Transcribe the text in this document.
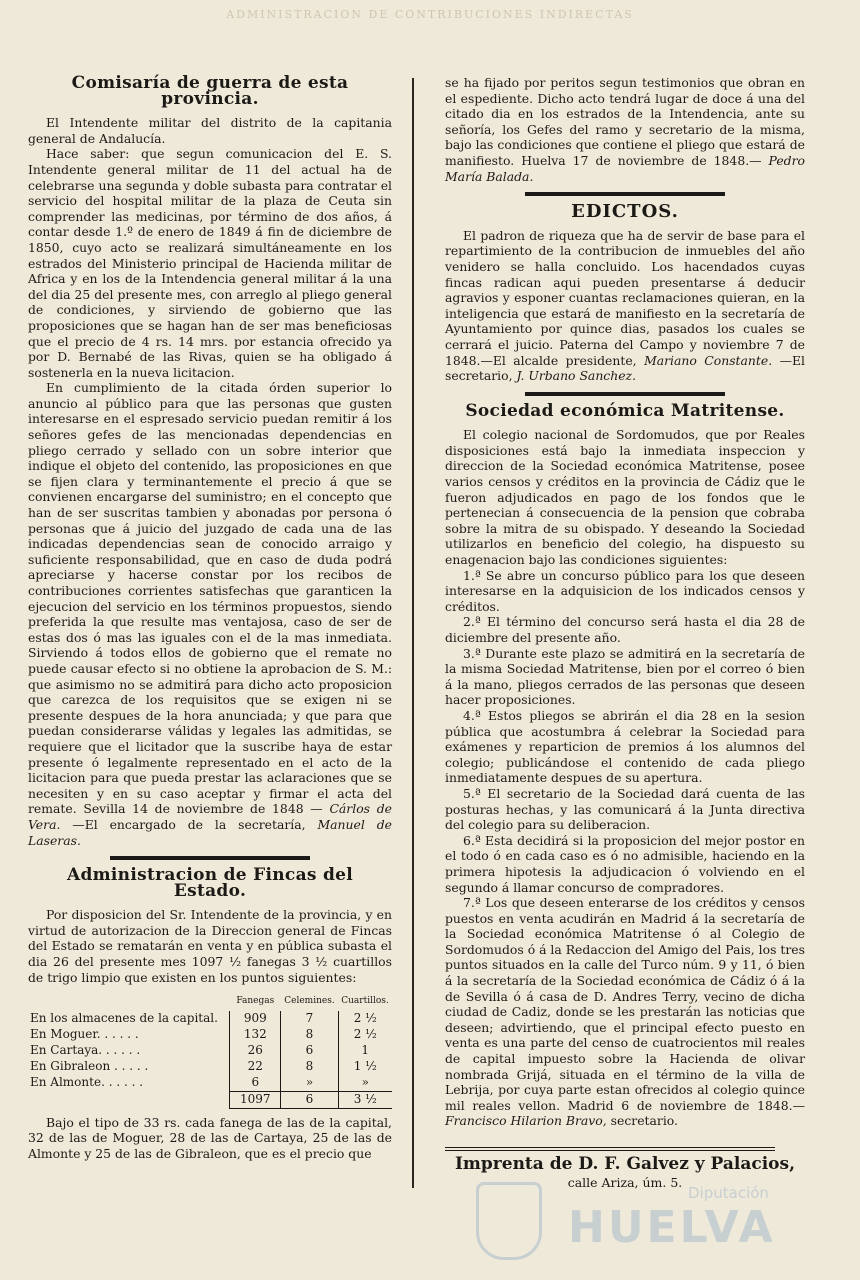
ADMINISTRACION DE CONTRIBUCIONES INDIRECTAS
Comisaría de guerra de esta provincia.

El Intendente militar del distrito de la capitania general de Andalucía.

Hace saber: que segun comunicacion del E. S. Intendente general militar de 11 del actual ha de celebrarse una segunda y doble subasta para contratar el servicio del hospital militar de la plaza de Ceuta sin comprender las medicinas, por término de dos años, á contar desde 1.º de enero de 1849 á fin de diciembre de 1850, cuyo acto se realizará simultáneamente en los estrados del Ministerio principal de Hacienda militar de Africa y en los de la Intendencia general militar á la una del dia 25 del presente mes, con arreglo al pliego general de condiciones, y sirviendo de gobierno que las proposiciones que se hagan han de ser mas beneficiosas que el precio de 4 rs. 14 mrs. por estancia ofrecido ya por D. Bernabé de las Rivas, quien se ha obligado á sostenerla en la nueva licitacion.

En cumplimiento de la citada órden superior lo anuncio al público para que las personas que gusten interesarse en el espresado servicio puedan remitir á los señores gefes de las mencionadas dependencias en pliego cerrado y sellado con un sobre interior que indique el objeto del contenido, las proposiciones en que se fijen clara y terminantemente el precio á que se convienen encargarse del suministro; en el concepto que han de ser suscritas tambien y abonadas por persona ó personas que á juicio del juzgado de cada una de las indicadas dependencias sean de conocido arraigo y suficiente responsabilidad, que en caso de duda podrá apreciarse y hacerse constar por los recibos de contribuciones corrientes satisfechas que garanticen la ejecucion del servicio en los términos propuestos, siendo preferida la que resulte mas ventajosa, caso de ser de estas dos ó mas las iguales con el de la mas inmediata. Sirviendo á todos ellos de gobierno que el remate no puede causar efecto si no obtiene la aprobacion de S. M.: que asimismo no se admitirá para dicho acto proposicion que carezca de los requisitos que se exigen ni se presente despues de la hora anunciada; y que para que puedan considerarse válidas y legales las admitidas, se requiere que el licitador que la suscribe haya de estar presente ó legalmente representado en el acto de la licitacion para que pueda prestar las aclaraciones que se necesiten y en su caso aceptar y firmar el acta del remate. Sevilla 14 de noviembre de 1848 — Cárlos de Vera. —El encargado de la secretaría, Manuel de Laseras.

Administracion de Fincas del Estado.

Por disposicion del Sr. Intendente de la provincia, y en virtud de autorizacion de la Direccion general de Fincas del Estado se rematarán en venta y en pública subasta el dia 26 del presente mes 1097 ½ fanegas 3 ½ cuartillos de trigo limpio que existen en los puntos siguientes:

	Fanegas	Celemines.	Cuartillos.
En los almacenes de la capital.	909	7	2 ½
En Moguer. . . . . .	132	8	2 ½
En Cartaya. . . . . .	26	6	1
En Gibraleon . . . . .	22	8	1 ½
En Almonte. . . . . .	6	»	»
	1097	6	3 ½

Bajo el tipo de 33 rs. cada fanega de las de la capital, 32 de las de Moguer, 28 de las de Cartaya, 25 de las de Almonte y 25 de las de Gibraleon, que es el precio que

se ha fijado por peritos segun testimonios que obran en el espediente. Dicho acto tendrá lugar de doce á una del citado dia en los estrados de la Intendencia, ante su señoría, los Gefes del ramo y secretario de la misma, bajo las condiciones que contiene el pliego que estará de manifiesto. Huelva 17 de noviembre de 1848.— Pedro María Balada.

EDICTOS.

El padron de riqueza que ha de servir de base para el repartimiento de la contribucion de inmuebles del año venidero se halla concluido. Los hacendados cuyas fincas radican aqui pueden presentarse á deducir agravios y esponer cuantas reclamaciones quieran, en la inteligencia que estará de manifiesto en la secretaría de Ayuntamiento por quince dias, pasados los cuales se cerrará el juicio. Paterna del Campo y noviembre 7 de 1848.—El alcalde presidente, Mariano Constante. —El secretario, J. Urbano Sanchez.

Sociedad económica Matritense.

El colegio nacional de Sordomudos, que por Reales disposiciones está bajo la inmediata inspeccion y direccion de la Sociedad económica Matritense, posee varios censos y créditos en la provincia de Cádiz que le fueron adjudicados en pago de los fondos que le pertenecian á consecuencia de la pension que cobraba sobre la mitra de su obispado. Y deseando la Sociedad utilizarlos en beneficio del colegio, ha dispuesto su enagenacion bajo las condiciones siguientes:

1.ª Se abre un concurso público para los que deseen interesarse en la adquisicion de los indicados censos y créditos.

2.ª El término del concurso será hasta el dia 28 de diciembre del presente año.

3.ª Durante este plazo se admitirá en la secretaría de la misma Sociedad Matritense, bien por el correo ó bien á la mano, pliegos cerrados de las personas que deseen hacer proposiciones.

4.ª Estos pliegos se abrirán el dia 28 en la sesion pública que acostumbra á celebrar la Sociedad para exámenes y reparticion de premios á los alumnos del colegio; publicándose el contenido de cada pliego inmediatamente despues de su apertura.

5.ª El secretario de la Sociedad dará cuenta de las posturas hechas, y las comunicará á la Junta directiva del colegio para su deliberacion.

6.ª Esta decidirá si la proposicion del mejor postor en el todo ó en cada caso es ó no admisible, haciendo en la primera hipotesis la adjudicacion ó volviendo en el segundo á llamar concurso de compradores.

7.ª Los que deseen enterarse de los créditos y censos puestos en venta acudirán en Madrid á la secretaría de la Sociedad económica Matritense ó al Colegio de Sordomudos ó á la Redaccion del Amigo del Pais, los tres puntos situados en la calle del Turco núm. 9 y 11, ó bien á la secretaría de la Sociedad económica de Cádiz ó á la de Sevilla ó á casa de D. Andres Terry, vecino de dicha ciudad de Cadiz, donde se les prestarán las noticias que deseen; advirtiendo, que el principal efecto puesto en venta es una parte del censo de cuatrocientos mil reales de capital impuesto sobre la Hacienda de olivar nombrada Grijá, situada en el término de la villa de Lebrija, por cuya parte estan ofrecidos al colegio quince mil reales vellon. Madrid 6 de noviembre de 1848.— Francisco Hilarion Bravo, secretario.

Imprenta de D. F. Galvez y Palacios,
calle Ariza, úm. 5.
Diputación
HUELVA
